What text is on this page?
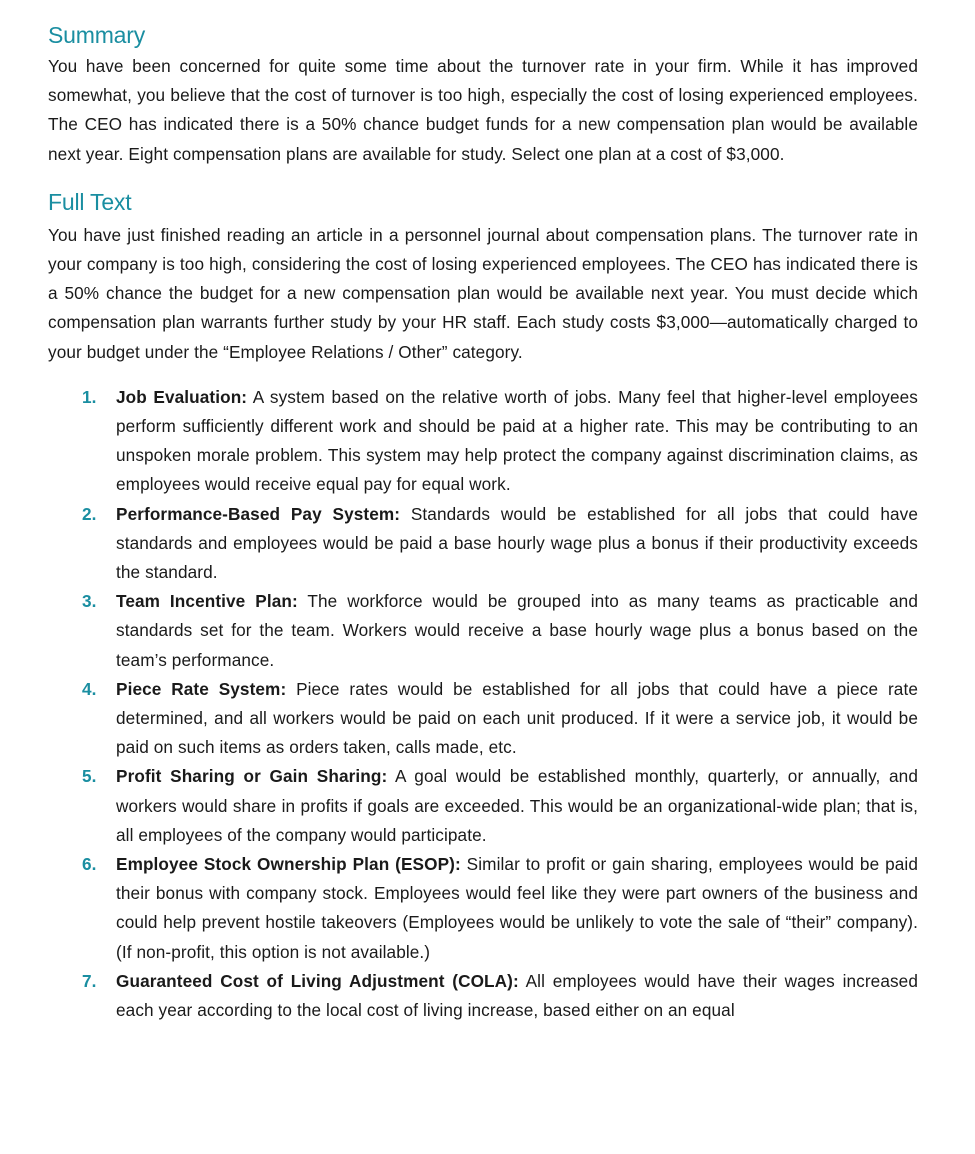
Summary

You have been concerned for quite some time about the turnover rate in your firm. While it has improved somewhat, you believe that the cost of turnover is too high, especially the cost of losing experienced employees. The CEO has indicated there is a 50% chance budget funds for a new compensation plan would be available next year. Eight compensation plans are available for study. Select one plan at a cost of $3,000.

Full Text

You have just finished reading an article in a personnel journal about compensation plans. The turnover rate in your company is too high, considering the cost of losing experienced employees. The CEO has indicated there is a 50% chance the budget for a new compensation plan would be available next year. You must decide which compensation plan warrants further study by your HR staff. Each study costs $3,000—automatically charged to your budget under the “Employee Relations / Other” category.

1.	Job Evaluation: A system based on the relative worth of jobs. Many feel that higher-level employees perform sufficiently different work and should be paid at a higher rate. This may be contributing to an unspoken morale problem. This system may help protect the company against discrimination claims, as employees would receive equal pay for equal work.
2.	Performance-Based Pay System: Standards would be established for all jobs that could have standards and employees would be paid a base hourly wage plus a bonus if their productivity exceeds the standard.
3.	Team Incentive Plan: The workforce would be grouped into as many teams as practicable and standards set for the team. Workers would receive a base hourly wage plus a bonus based on the team’s performance.
4.	Piece Rate System: Piece rates would be established for all jobs that could have a piece rate determined, and all workers would be paid on each unit produced. If it were a service job, it would be paid on such items as orders taken, calls made, etc.
5.	Profit Sharing or Gain Sharing: A goal would be established monthly, quarterly, or annually, and workers would share in profits if goals are exceeded. This would be an organizational-wide plan; that is, all employees of the company would participate.
6.	Employee Stock Ownership Plan (ESOP): Similar to profit or gain sharing, employees would be paid their bonus with company stock. Employees would feel like they were part owners of the business and could help prevent hostile takeovers (Employees would be unlikely to vote the sale of “their” company). (If non-profit, this option is not available.)
7.	Guaranteed Cost of Living Adjustment (COLA): All employees would have their wages increased each year according to the local cost of living increase, based either on an equal
